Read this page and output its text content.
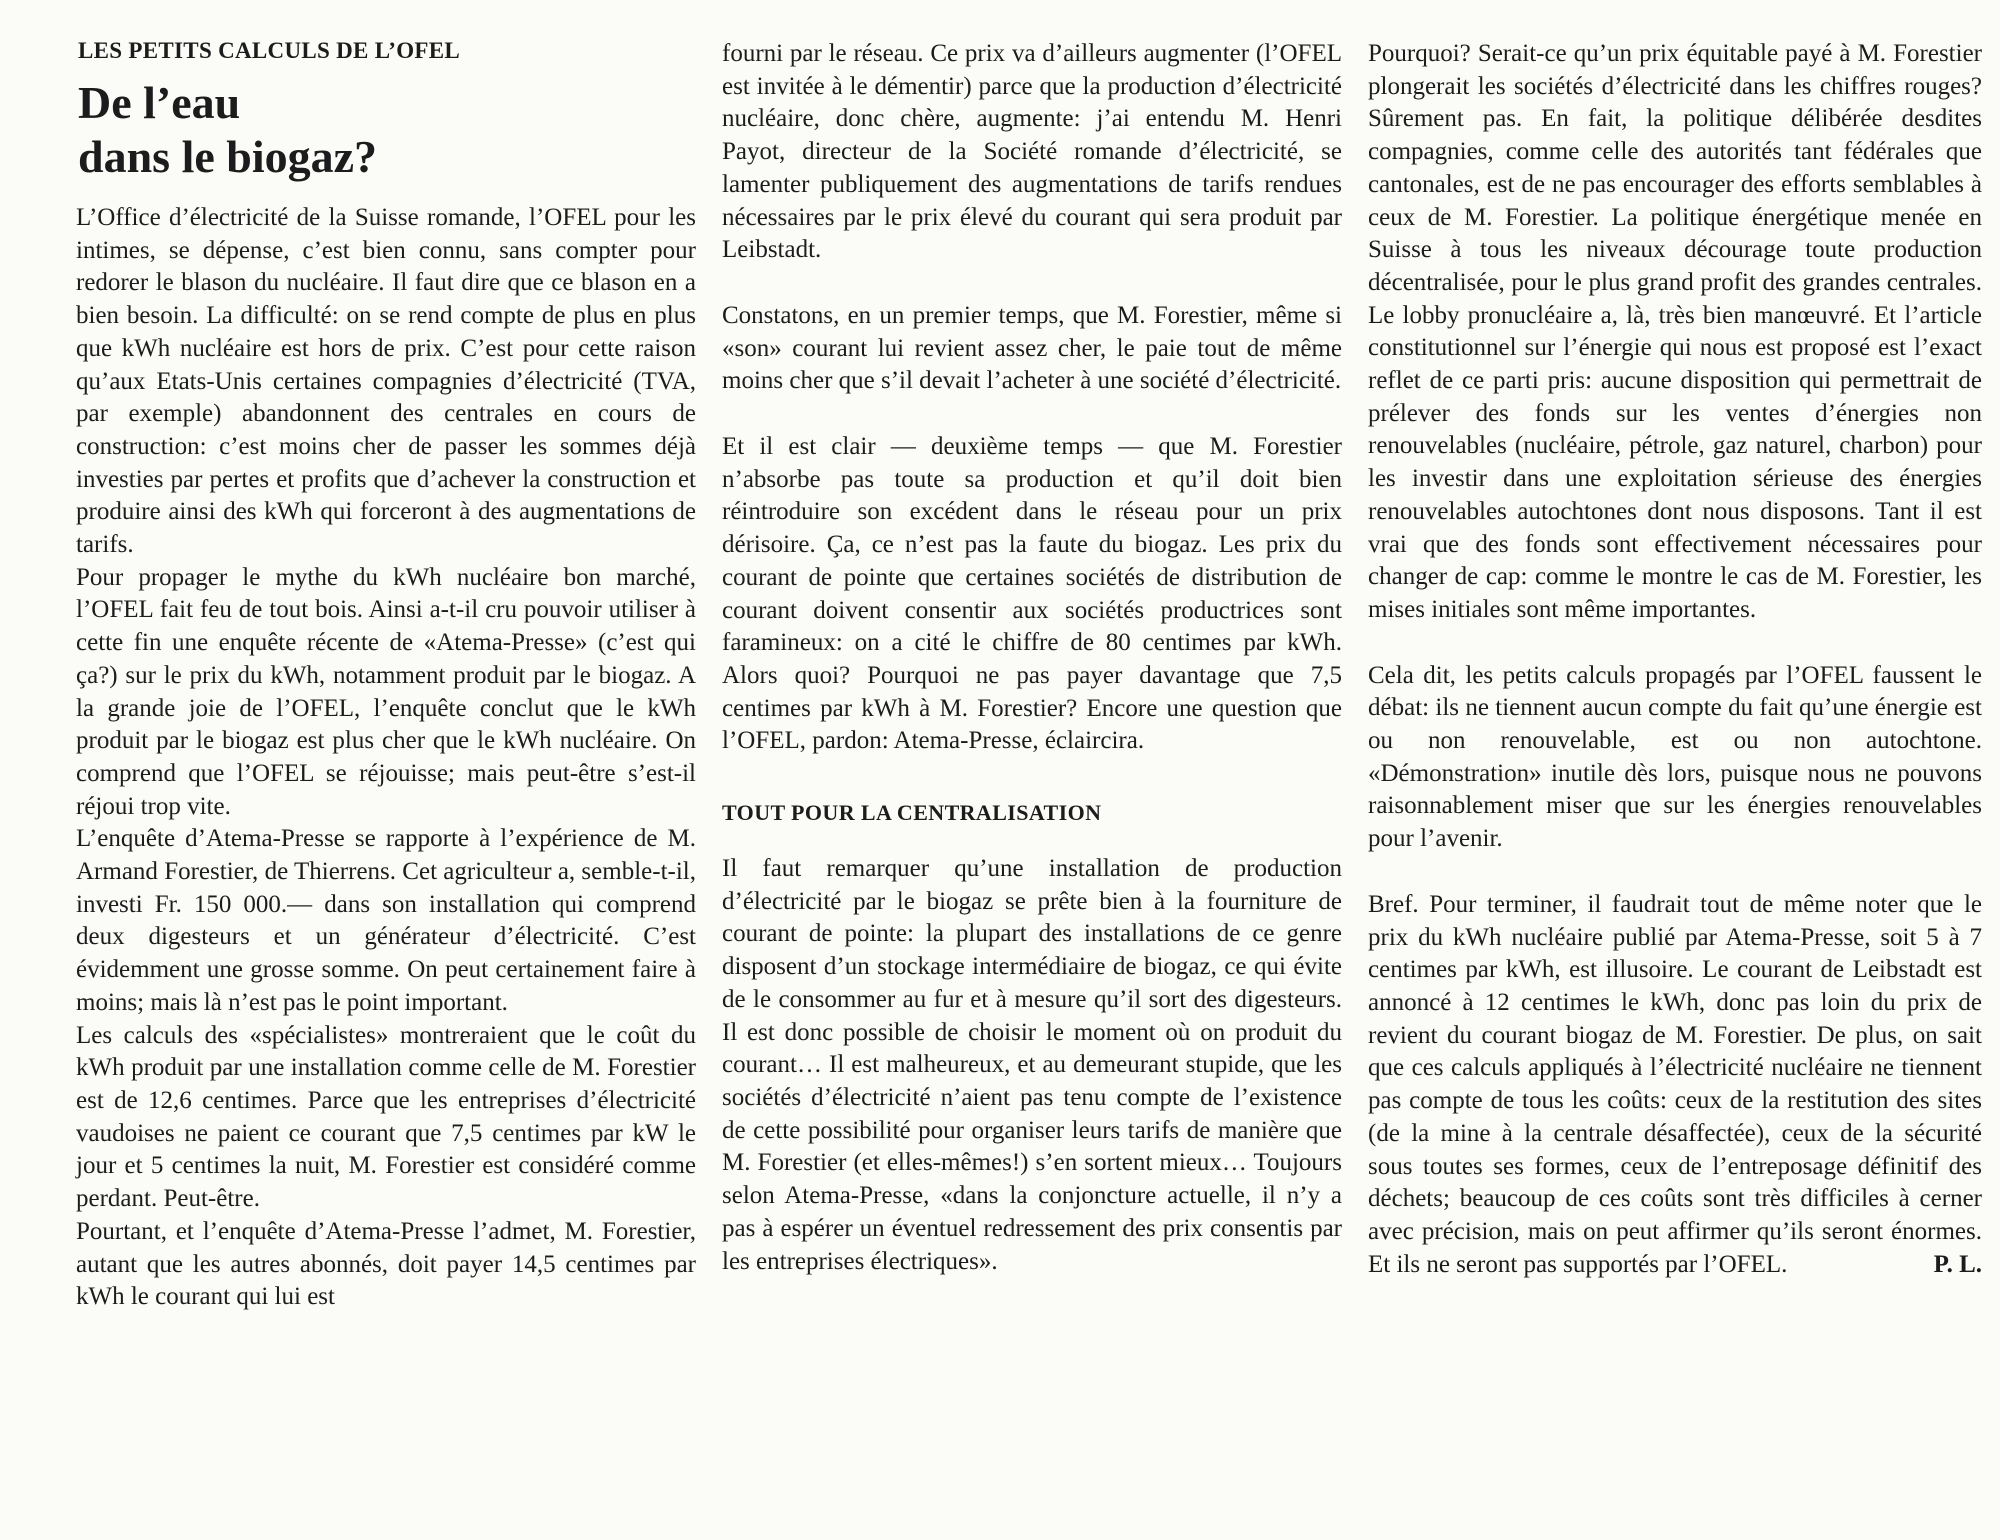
LES PETITS CALCULS DE L’OFEL
De l’eau
dans le biogaz?

L’Office d’électricité de la Suisse romande, l’OFEL pour les intimes, se dépense, c’est bien connu, sans compter pour redorer le blason du nucléaire. Il faut dire que ce blason en a bien besoin. La difficulté: on se rend compte de plus en plus que kWh nucléaire est hors de prix. C’est pour cette raison qu’aux Etats-Unis certaines compagnies d’électricité (TVA, par exemple) abandonnent des centrales en cours de construction: c’est moins cher de passer les sommes déjà investies par pertes et profits que d’achever la construction et produire ainsi des kWh qui forceront à des augmentations de tarifs.

Pour propager le mythe du kWh nucléaire bon marché, l’OFEL fait feu de tout bois. Ainsi a-t-il cru pouvoir utiliser à cette fin une enquête récente de «Atema-Presse» (c’est qui ça?) sur le prix du kWh, notamment produit par le biogaz. A la grande joie de l’OFEL, l’enquête conclut que le kWh produit par le biogaz est plus cher que le kWh nucléaire. On comprend que l’OFEL se réjouisse; mais peut-être s’est-il réjoui trop vite.

L’enquête d’Atema-Presse se rapporte à l’expérience de M. Armand Forestier, de Thierrens. Cet agriculteur a, semble-t-il, investi Fr. 150 000.— dans son installation qui comprend deux digesteurs et un générateur d’électricité. C’est évidemment une grosse somme. On peut certainement faire à moins; mais là n’est pas le point important.

Les calculs des «spécialistes» montreraient que le coût du kWh produit par une installation comme celle de M. Forestier est de 12,6 centimes. Parce que les entreprises d’électricité vaudoises ne paient ce courant que 7,5 centimes par kW le jour et 5 centimes la nuit, M. Forestier est considéré comme perdant. Peut-être.

Pourtant, et l’enquête d’Atema-Presse l’admet, M. Forestier, autant que les autres abonnés, doit payer 14,5 centimes par kWh le courant qui lui est

fourni par le réseau. Ce prix va d’ailleurs augmenter (l’OFEL est invitée à le démentir) parce que la production d’électricité nucléaire, donc chère, augmente: j’ai entendu M. Henri Payot, directeur de la Société romande d’électricité, se lamenter publiquement des augmentations de tarifs rendues nécessaires par le prix élevé du courant qui sera produit par Leibstadt.

Constatons, en un premier temps, que M. Forestier, même si «son» courant lui revient assez cher, le paie tout de même moins cher que s’il devait l’acheter à une société d’électricité.

Et il est clair — deuxième temps — que M. Forestier n’absorbe pas toute sa production et qu’il doit bien réintroduire son excédent dans le réseau pour un prix dérisoire. Ça, ce n’est pas la faute du biogaz. Les prix du courant de pointe que certaines sociétés de distribution de courant doivent consentir aux sociétés productrices sont faramineux: on a cité le chiffre de 80 centimes par kWh. Alors quoi? Pourquoi ne pas payer davantage que 7,5 centimes par kWh à M. Forestier? Encore une question que l’OFEL, pardon: Atema-Presse, éclaircira.

TOUT POUR LA CENTRALISATION

Il faut remarquer qu’une installation de production d’électricité par le biogaz se prête bien à la fourniture de courant de pointe: la plupart des installations de ce genre disposent d’un stockage intermédiaire de biogaz, ce qui évite de le consommer au fur et à mesure qu’il sort des digesteurs. Il est donc possible de choisir le moment où on produit du courant… Il est malheureux, et au demeurant stupide, que les sociétés d’électricité n’aient pas tenu compte de l’existence de cette possibilité pour organiser leurs tarifs de manière que M. Forestier (et elles-mêmes!) s’en sortent mieux… Toujours selon Atema-Presse, «dans la conjoncture actuelle, il n’y a pas à espérer un éventuel redressement des prix consentis par les entreprises électriques».

Pourquoi? Serait-ce qu’un prix équitable payé à M. Forestier plongerait les sociétés d’électricité dans les chiffres rouges? Sûrement pas. En fait, la politique délibérée desdites compagnies, comme celle des autorités tant fédérales que cantonales, est de ne pas encourager des efforts semblables à ceux de M. Forestier. La politique énergétique menée en Suisse à tous les niveaux décourage toute production décentralisée, pour le plus grand profit des grandes centrales. Le lobby pronucléaire a, là, très bien manœuvré. Et l’article constitutionnel sur l’énergie qui nous est proposé est l’exact reflet de ce parti pris: aucune disposition qui permettrait de prélever des fonds sur les ventes d’énergies non renouvelables (nucléaire, pétrole, gaz naturel, charbon) pour les investir dans une exploitation sérieuse des énergies renouvelables autochtones dont nous disposons. Tant il est vrai que des fonds sont effectivement nécessaires pour changer de cap: comme le montre le cas de M. Forestier, les mises initiales sont même importantes.

Cela dit, les petits calculs propagés par l’OFEL faussent le débat: ils ne tiennent aucun compte du fait qu’une énergie est ou non renouvelable, est ou non autochtone. «Démonstration» inutile dès lors, puisque nous ne pouvons raisonnablement miser que sur les énergies renouvelables pour l’avenir.

Bref. Pour terminer, il faudrait tout de même noter que le prix du kWh nucléaire publié par Atema-Presse, soit 5 à 7 centimes par kWh, est illusoire. Le courant de Leibstadt est annoncé à 12 centimes le kWh, donc pas loin du prix de revient du courant biogaz de M. Forestier. De plus, on sait que ces calculs appliqués à l’électricité nucléaire ne tiennent pas compte de tous les coûts: ceux de la restitution des sites (de la mine à la centrale désaffectée), ceux de la sécurité sous toutes ses formes, ceux de l’entreposage définitif des déchets; beaucoup de ces coûts sont très difficiles à cerner avec précision, mais on peut affirmer qu’ils seront énormes. Et ils ne seront pas supportés par l’OFEL.	P. L.
